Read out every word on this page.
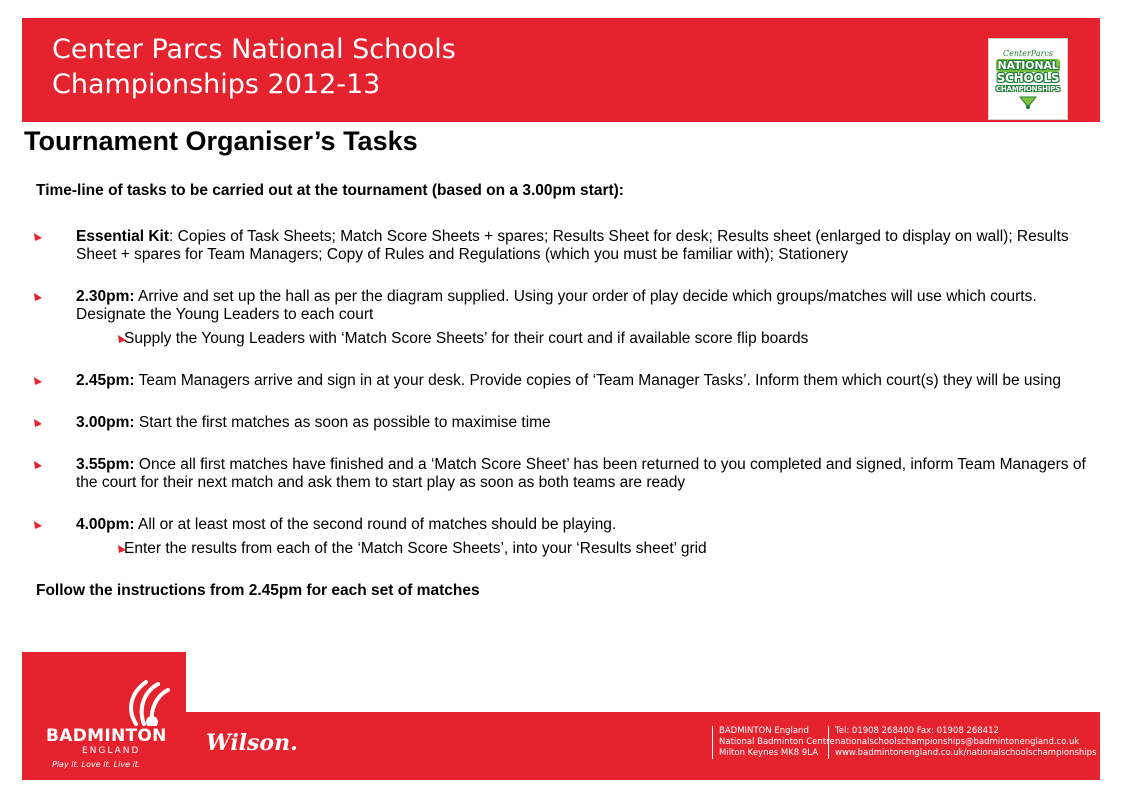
Center Parcs National Schools
Championships 2012-13
CenterParcs
NATIONAL
SCHOOLS
CHAMPIONSHIPS
Tournament Organiser’s Tasks
Time-line of tasks to be carried out at the tournament (based on a 3.00pm start):
Essential Kit: Copies of Task Sheets; Match Score Sheets + spares; Results Sheet for desk; Results sheet (enlarged to display on wall); Results Sheet + spares for Team Managers; Copy of Rules and Regulations (which you must be familiar with); Stationery
2.30pm: Arrive and set up the hall as per the diagram supplied. Using your order of play decide which groups/matches will use which courts. Designate the Young Leaders to each court
Supply the Young Leaders with ‘Match Score Sheets’ for their court and if available score flip boards
2.45pm: Team Managers arrive and sign in at your desk. Provide copies of ‘Team Manager Tasks’. Inform them which court(s) they will be using
3.00pm: Start the first matches as soon as possible to maximise time
3.55pm: Once all first matches have finished and a ‘Match Score Sheet’ has been returned to you completed and signed, inform Team Managers of the court for their next match and ask them to start play as soon as both teams are ready
4.00pm: All or at least most of the second round of matches should be playing.
Enter the results from each of the ‘Match Score Sheets’, into your ‘Results sheet’ grid
Follow the instructions from 2.45pm for each set of matches
BADMINTON
ENGLAND
Play it. Love it. Live it.
Wilson.	BADMINTON England
National Badminton Centre
Milton Keynes MK8 9LA
Tel: 01908 268400 Fax: 01908 268412
nationalschoolschampionships@badmintonengland.co.uk
www.badmintonengland.co.uk/nationalschoolschampionships
